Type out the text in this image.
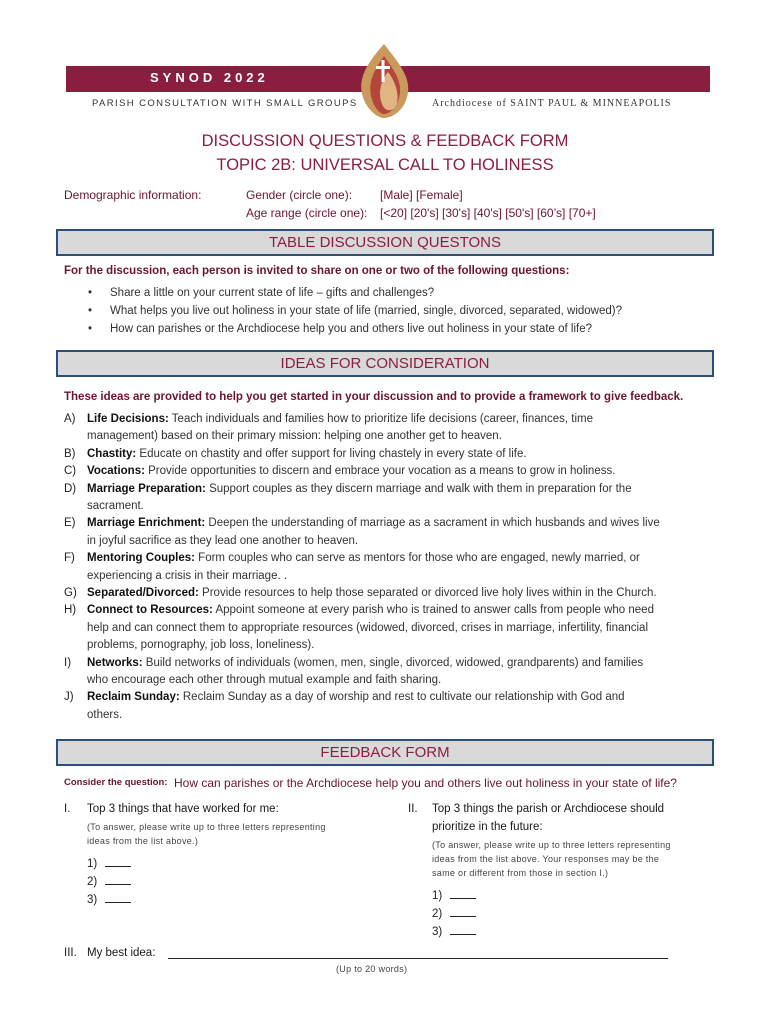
SYNOD 2022
PARISH CONSULTATION WITH SMALL GROUPS	Archdiocese of SAINT PAUL & MINNEAPOLIS
DISCUSSION QUESTIONS & FEEDBACK FORM
TOPIC 2B: UNIVERSAL CALL TO HOLINESS
Demographic information:	Gender (circle one): [Male] [Female]
Age range (circle one): [<20] [20's] [30's] [40's] [50's] [60’s] [70+]
TABLE DISCUSSION QUESTONS
For the discussion, each person is invited to share on one or two of the following questions:
• Share a little on your current state of life – gifts and challenges?
• What helps you live out holiness in your state of life (married, single, divorced, separated, widowed)?
• How can parishes or the Archdiocese help you and others live out holiness in your state of life?
IDEAS FOR CONSIDERATION
These ideas are provided to help you get started in your discussion and to provide a framework to give feedback.
A) Life Decisions: Teach individuals and families how to prioritize life decisions (career, finances, time
management) based on their primary mission: helping one another get to heaven.
B) Chastity: Educate on chastity and offer support for living chastely in every state of life.
C) Vocations: Provide opportunities to discern and embrace your vocation as a means to grow in holiness.
D) Marriage Preparation: Support couples as they discern marriage and walk with them in preparation for the
sacrament.
E) Marriage Enrichment: Deepen the understanding of marriage as a sacrament in which husbands and wives live
in joyful sacrifice as they lead one another to heaven.
F) Mentoring Couples: Form couples who can serve as mentors for those who are engaged, newly married, or
experiencing a crisis in their marriage. .
G) Separated/Divorced: Provide resources to help those separated or divorced live holy lives within in the Church.
H) Connect to Resources: Appoint someone at every parish who is trained to answer calls from people who need
help and can connect them to appropriate resources (widowed, divorced, crises in marriage, infertility, financial
problems, pornography, job loss, loneliness).
I) Networks: Build networks of individuals (women, men, single, divorced, widowed, grandparents) and families
who encourage each other through mutual example and faith sharing.
J) Reclaim Sunday: Reclaim Sunday as a day of worship and rest to cultivate our relationship with God and
others.
FEEDBACK FORM
Consider the question: How can parishes or the Archdiocese help you and others live out holiness in your state of life?
I. Top 3 things that have worked for me:
(To answer, please write up to three letters representing
ideas from the list above.)
1)
2)
3)
II. Top 3 things the parish or Archdiocese should
prioritize in the future:
(To answer, please write up to three letters representing
ideas from the list above. Your responses may be the
same or different from those in section I.)
1)
2)
3)
III. My best idea:
(Up to 20 words)
